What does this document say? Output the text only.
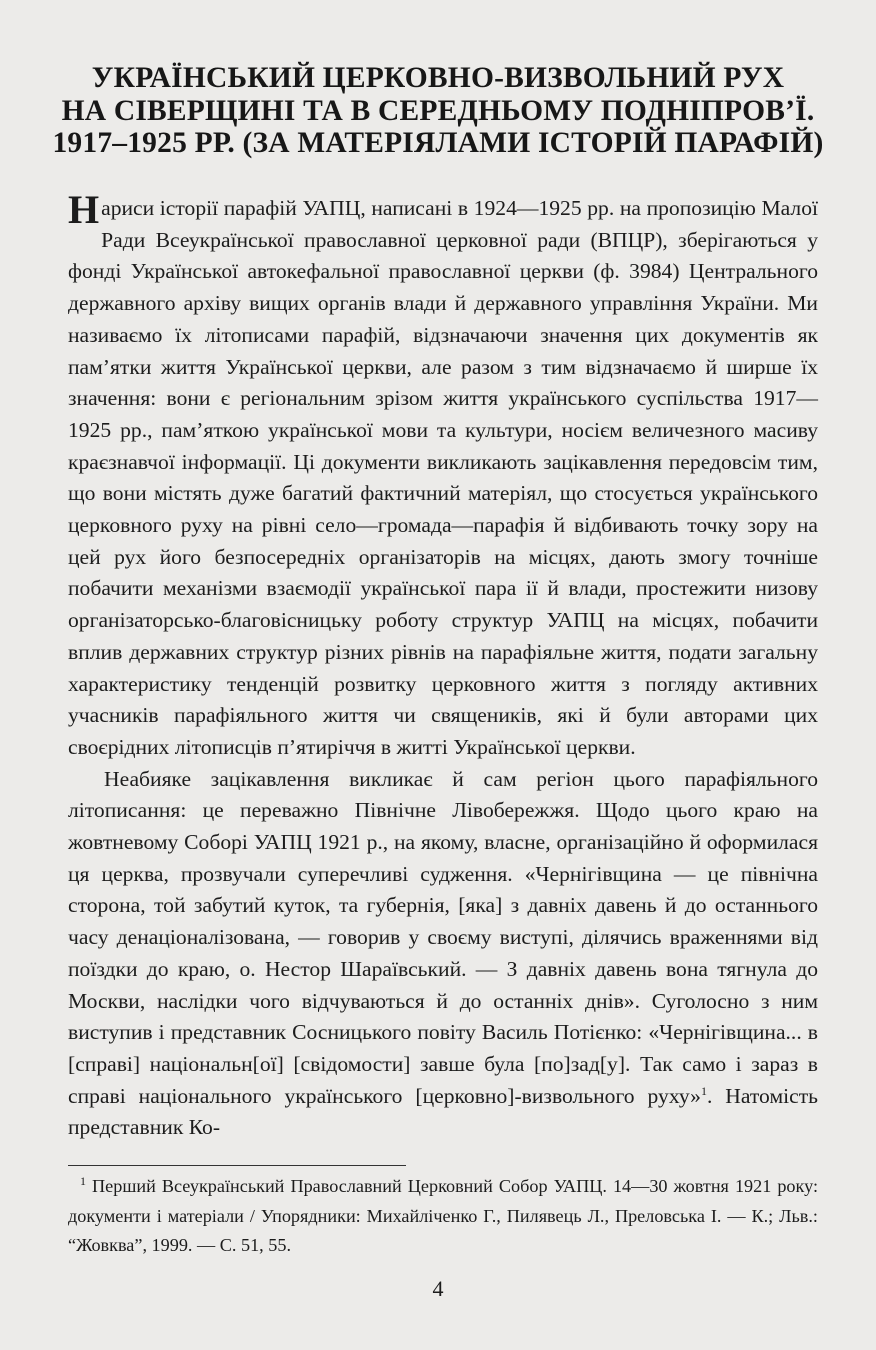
УКРАЇНСЬКИЙ ЦЕРКОВНО-ВИЗВОЛЬНИЙ РУХ
НА СІВЕРЩИНІ ТА В СЕРЕДНЬОМУ ПОДНІПРОВ’Ї.
1917–1925 РР. (ЗА МАТЕРІЯЛАМИ ІСТОРІЙ ПАРАФІЙ)

Нариси історії парафій УАПЦ, написані в 1924—1925 рр. на пропозицію Малої Ради Всеукраїнської православної церковної ради (ВПЦР), зберігаються у фонді Української автокефальної православної церкви (ф. 3984) Центрального державного архіву вищих органів влади й державного управління України. Ми називаємо їх літописами парафій, відзначаючи значення цих документів як пам’ятки життя Української церкви, але разом з тим відзначаємо й ширше їх значення: вони є регіональним зрізом життя українського суспільства 1917—1925 рр., пам’яткою української мови та культури, носієм величезного масиву краєзнавчої інформації. Ці документи викликають зацікавлення передовсім тим, що вони містять дуже багатий фактичний матеріял, що стосується українського церковного руху на рівні село—громада—парафія й відбивають точку зору на цей рух його безпосередніх організаторів на місцях, дають змогу точніше побачити механізми взаємодії української пара ії й влади, простежити низову організаторсько-благовісницьку роботу структур УАПЦ на місцях, побачити вплив державних структур різних рівнів на парафіяльне життя, подати загальну характеристику тенденцій розвитку церковного життя з погляду активних учасників парафіяльного життя чи священиків, які й були авторами цих своєрідних літописців п’ятиріччя в житті Української церкви.

Неабияке зацікавлення викликає й сам регіон цього парафіяльного літописання: це переважно Північне Лівобережжя. Щодо цього краю на жовтневому Соборі УАПЦ 1921 р., на якому, власне, організаційно й оформилася ця церква, прозвучали суперечливі судження. «Чернігівщина — це північна сторона, той забутий куток, та губернія, [яка] з давніх давень й до останнього часу денаціоналізована, — говорив у своєму виступі, ділячись враженнями від поїздки до краю, о. Нестор Шараївський. — З давніх давень вона тягнула до Москви, наслідки чого відчуваються й до останніх днів». Суголосно з ним виступив і представник Сосницького повіту Василь Потієнко: «Чернігівщина... в [справі] національн[ої] [свідомости] завше була [по]зад[у]. Так само і зараз в справі національного українського [церковно]-визвольного руху»$^1$. Натомість представник Ко-

$^1$ Перший Всеукраїнський Православний Церковний Собор УАПЦ. 14—30 жовтня 1921 року: документи і матеріали / Упорядники: Михайліченко Г., Пилявець Л., Преловська І. — К.; Льв.: “Жовква”, 1999. — С. 51, 55.
4
